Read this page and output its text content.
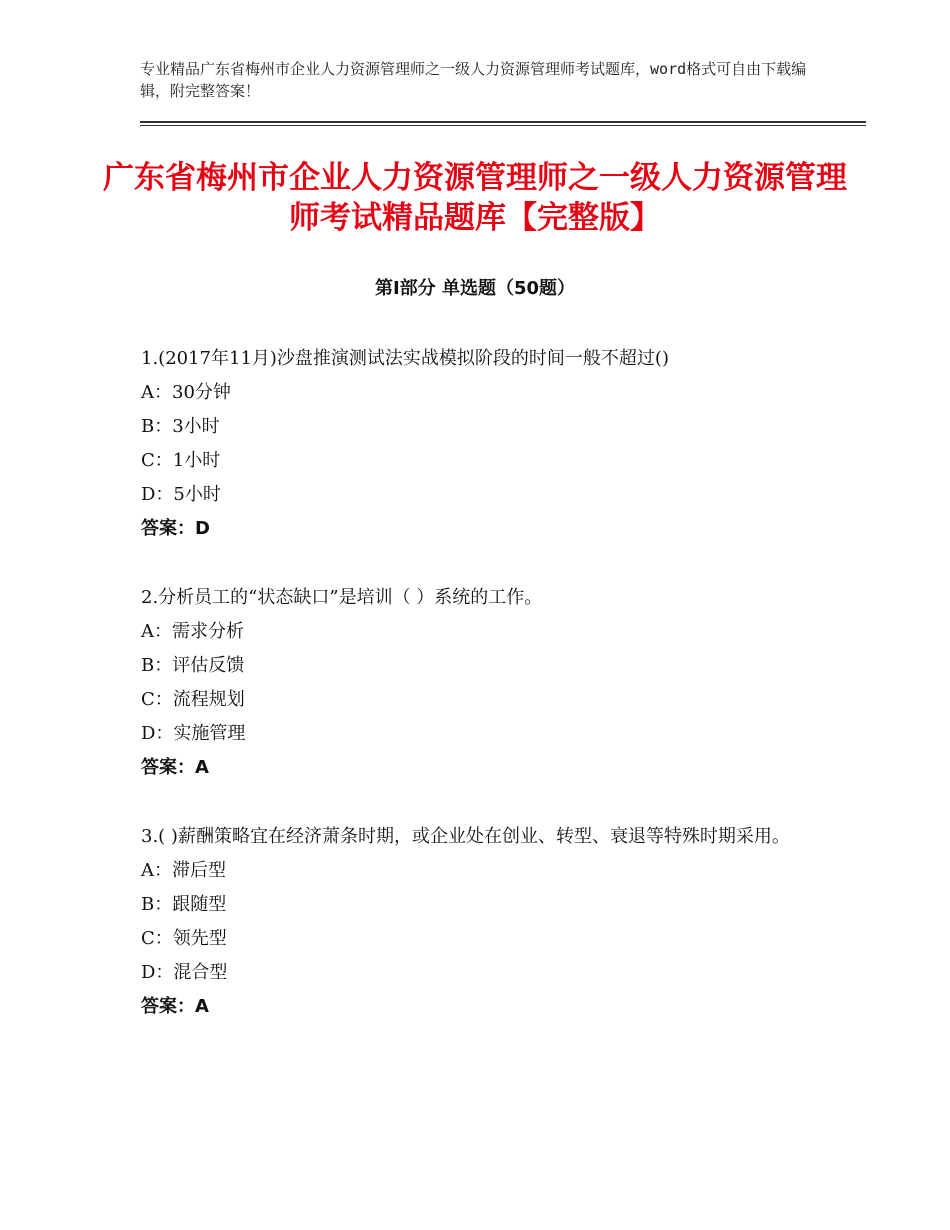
专业精品广东省梅州市企业人力资源管理师之一级人力资源管理师考试题库，word格式可自由下载编辑，附完整答案！
广东省梅州市企业人力资源管理师之一级人力资源管理师考试精品题库【完整版】
第Ⅰ部分 单选题（50题）
1.(2017年11月)沙盘推演测试法实战模拟阶段的时间一般不超过()
A：30分钟
B：3小时
C：1小时
D：5小时
答案：D
2.分析员工的“状态缺口”是培训（ ）系统的工作。
A：需求分析
B：评估反馈
C：流程规划
D：实施管理
答案：A
3.( )薪酬策略宜在经济萧条时期，或企业处在创业、转型、衰退等特殊时期采用。
A：滞后型
B：跟随型
C：领先型
D：混合型
答案：A
